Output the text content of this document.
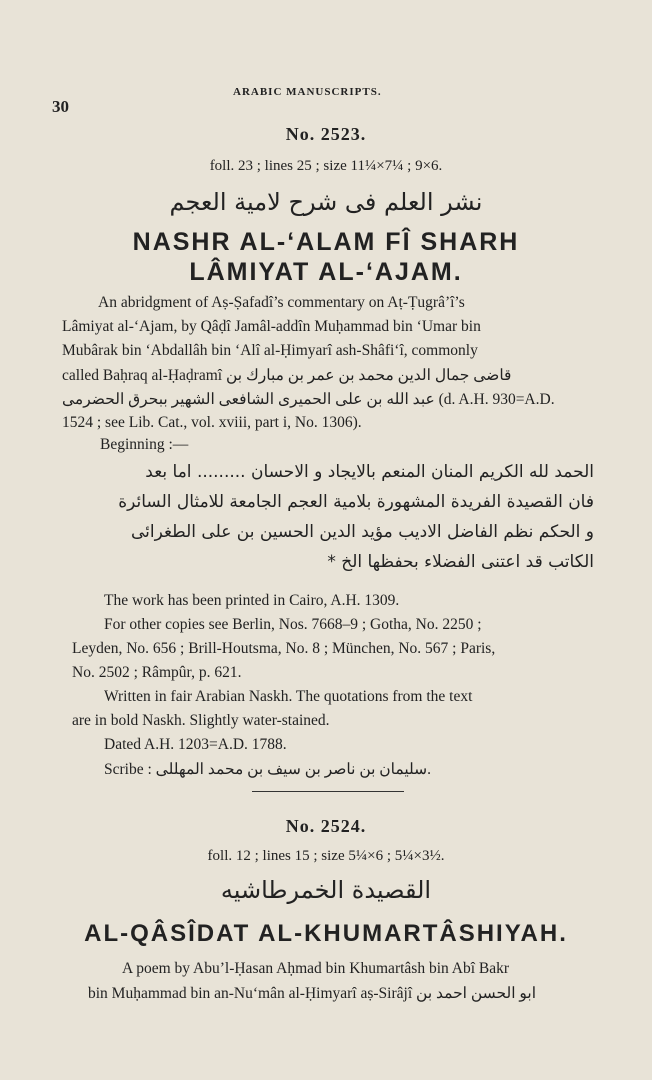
30
ARABIC MANUSCRIPTS.
No. 2523.
foll. 23 ; lines 25 ; size 11¼×7¼ ; 9×6.
نشر العلم فى شرح لامية العجم
NASHR AL-‘ALAM FÎ SHARH
LÂMIYAT AL-‘AJAM.
An abridgment of Aṣ-Ṣafadî’s commentary on Aṭ-Ṭugrâ’î’s
Lâmiyat al-‘Ajam, by Qâḍî Jamâl-addîn Muḥammad bin ‘Umar bin
Mubârak bin ‘Abdallâh bin ‘Alî al-Ḥimyarî ash-Shâfi‘î, commonly
called Baḥraq al-Ḥaḍramî قاضى جمال الدين محمد بن عمر بن مبارك بن
عبد الله بن على الحميرى الشافعى الشهير ببحرق الحضرمى (d. A.H. 930=A.D.
1524 ; see Lib. Cat., vol. xviii, part i, No. 1306).
Beginning :—
الحمد لله الكريم المنان المنعم بالايجاد و الاحسان ......... اما بعد
فان القصيدة الفريدة المشهورة بلامية العجم الجامعة للامثال السائرة
و الحكم نظم الفاضل الاديب مؤيد الدين الحسين بن على الطغرائى
الكاتب قد اعتنى الفضلاء بحفظها الخ *
The work has been printed in Cairo, A.H. 1309.
For other copies see Berlin, Nos. 7668–9 ; Gotha, No. 2250 ;
Leyden, No. 656 ; Brill-Houtsma, No. 8 ; München, No. 567 ; Paris,
No. 2502 ; Râmpûr, p. 621.
Written in fair Arabian Naskh. The quotations from the text
are in bold Naskh. Slightly water-stained.
Dated A.H. 1203=A.D. 1788.
Scribe : سليمان بن ناصر بن سيف بن محمد المهللى.
No. 2524.
foll. 12 ; lines 15 ; size 5¼×6 ; 5¼×3½.
القصيدة الخمرطاشيه
AL-QÂSÎDAT AL-KHUMARTÂSHIYAH.
A poem by Abu’l-Ḥasan Aḥmad bin Khumartâsh bin Abî Bakr
bin Muḥammad bin an-Nu‘mân al-Ḥimyarî aṣ-Sirâjî ابو الحسن احمد بن
